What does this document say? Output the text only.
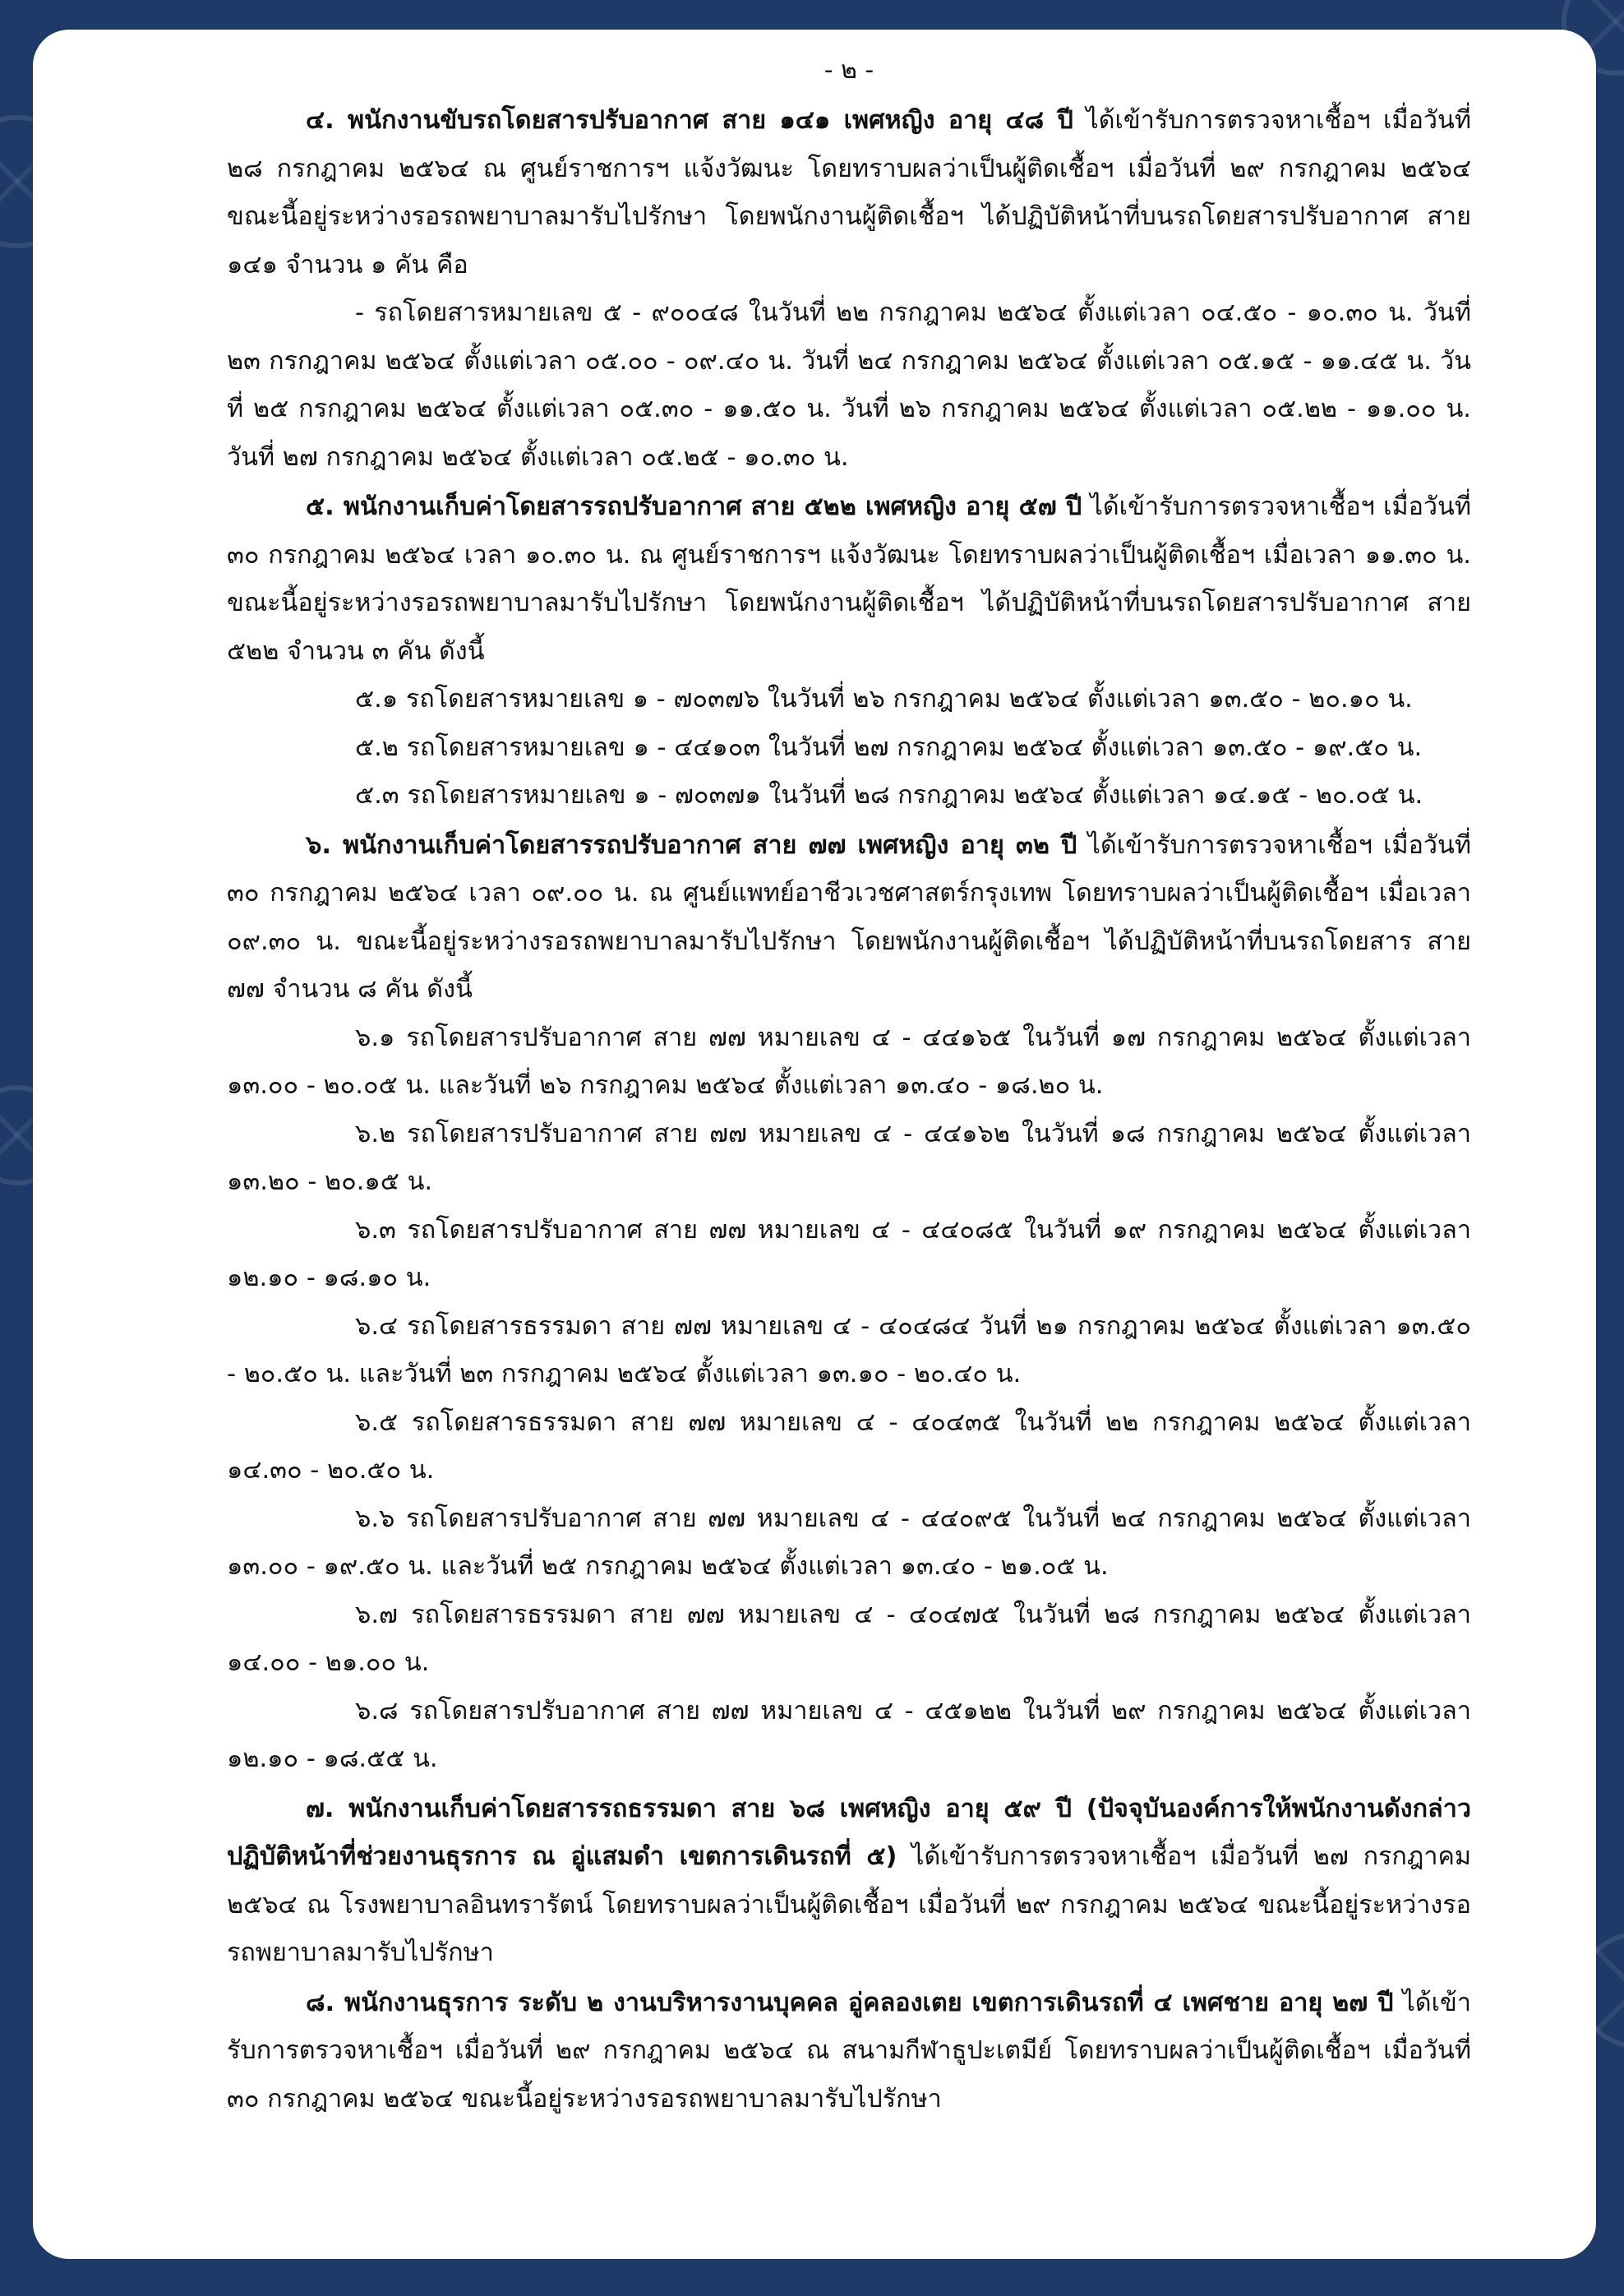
- ๒ -

๔. พนักงานขับรถโดยสารปรับอากาศ สาย ๑๔๑ เพศหญิง อายุ ๔๘ ปี ได้เข้ารับการตรวจหาเชื้อฯ เมื่อวันที่ ๒๘ กรกฎาคม ๒๕๖๔ ณ ศูนย์ราชการฯ แจ้งวัฒนะ โดยทราบผลว่าเป็นผู้ติดเชื้อฯ เมื่อวันที่ ๒๙ กรกฎาคม ๒๕๖๔ ขณะนี้อยู่ระหว่างรอรถพยาบาลมารับไปรักษา โดยพนักงานผู้ติดเชื้อฯ ได้ปฏิบัติหน้าที่บนรถโดยสารปรับอากาศ สาย ๑๔๑ จำนวน ๑ คัน คือ

- รถโดยสารหมายเลข ๕ - ๙๐๐๔๘ ในวันที่ ๒๒ กรกฎาคม ๒๕๖๔ ตั้งแต่เวลา ๐๔.๕๐ - ๑๐.๓๐ น. วันที่ ๒๓ กรกฎาคม ๒๕๖๔ ตั้งแต่เวลา ๐๕.๐๐ - ๐๙.๔๐ น. วันที่ ๒๔ กรกฎาคม ๒๕๖๔ ตั้งแต่เวลา ๐๕.๑๕ - ๑๑.๔๕ น. วันที่ ๒๕ กรกฎาคม ๒๕๖๔ ตั้งแต่เวลา ๐๕.๓๐ - ๑๑.๕๐ น. วันที่ ๒๖ กรกฎาคม ๒๕๖๔ ตั้งแต่เวลา ๐๕.๒๒ - ๑๑.๐๐ น. วันที่ ๒๗ กรกฎาคม ๒๕๖๔ ตั้งแต่เวลา ๐๕.๒๕ - ๑๐.๓๐ น.

๕. พนักงานเก็บค่าโดยสารรถปรับอากาศ สาย ๕๒๒ เพศหญิง อายุ ๕๗ ปี ได้เข้ารับการตรวจหาเชื้อฯ เมื่อวันที่ ๓๐ กรกฎาคม ๒๕๖๔ เวลา ๑๐.๓๐ น. ณ ศูนย์ราชการฯ แจ้งวัฒนะ โดยทราบผลว่าเป็นผู้ติดเชื้อฯ เมื่อเวลา ๑๑.๓๐ น. ขณะนี้อยู่ระหว่างรอรถพยาบาลมารับไปรักษา โดยพนักงานผู้ติดเชื้อฯ ได้ปฏิบัติหน้าที่บนรถโดยสารปรับอากาศ สาย ๕๒๒ จำนวน ๓ คัน ดังนี้

๕.๑ รถโดยสารหมายเลข ๑ - ๗๐๓๗๖ ในวันที่ ๒๖ กรกฎาคม ๒๕๖๔ ตั้งแต่เวลา ๑๓.๕๐ - ๒๐.๑๐ น.

๕.๒ รถโดยสารหมายเลข ๑ - ๔๔๑๐๓ ในวันที่ ๒๗ กรกฎาคม ๒๕๖๔ ตั้งแต่เวลา ๑๓.๕๐ - ๑๙.๕๐ น.

๕.๓ รถโดยสารหมายเลข ๑ - ๗๐๓๗๑ ในวันที่ ๒๘ กรกฎาคม ๒๕๖๔ ตั้งแต่เวลา ๑๔.๑๕ - ๒๐.๐๕ น.

๖. พนักงานเก็บค่าโดยสารรถปรับอากาศ สาย ๗๗ เพศหญิง อายุ ๓๒ ปี ได้เข้ารับการตรวจหาเชื้อฯ เมื่อวันที่ ๓๐ กรกฎาคม ๒๕๖๔ เวลา ๐๙.๐๐ น. ณ ศูนย์แพทย์อาชีวเวชศาสตร์กรุงเทพ โดยทราบผลว่าเป็นผู้ติดเชื้อฯ เมื่อเวลา ๐๙.๓๐ น. ขณะนี้อยู่ระหว่างรอรถพยาบาลมารับไปรักษา โดยพนักงานผู้ติดเชื้อฯ ได้ปฏิบัติหน้าที่บนรถโดยสาร สาย ๗๗ จำนวน ๘ คัน ดังนี้

๖.๑ รถโดยสารปรับอากาศ สาย ๗๗ หมายเลข ๔ - ๔๔๑๖๕ ในวันที่ ๑๗ กรกฎาคม ๒๕๖๔ ตั้งแต่เวลา ๑๓.๐๐ - ๒๐.๐๕ น. และวันที่ ๒๖ กรกฎาคม ๒๕๖๔ ตั้งแต่เวลา ๑๓.๔๐ - ๑๘.๒๐ น.

๖.๒ รถโดยสารปรับอากาศ สาย ๗๗ หมายเลข ๔ - ๔๔๑๖๒ ในวันที่ ๑๘ กรกฎาคม ๒๕๖๔ ตั้งแต่เวลา ๑๓.๒๐ - ๒๐.๑๕ น.

๖.๓ รถโดยสารปรับอากาศ สาย ๗๗ หมายเลข ๔ - ๔๔๐๘๕ ในวันที่ ๑๙ กรกฎาคม ๒๕๖๔ ตั้งแต่เวลา ๑๒.๑๐ - ๑๘.๑๐ น.

๖.๔ รถโดยสารธรรมดา สาย ๗๗ หมายเลข ๔ - ๔๐๔๘๔ วันที่ ๒๑ กรกฎาคม ๒๕๖๔ ตั้งแต่เวลา ๑๓.๕๐ - ๒๐.๕๐ น. และวันที่ ๒๓ กรกฎาคม ๒๕๖๔ ตั้งแต่เวลา ๑๓.๑๐ - ๒๐.๔๐ น.

๖.๕ รถโดยสารธรรมดา สาย ๗๗ หมายเลข ๔ - ๔๐๔๓๕ ในวันที่ ๒๒ กรกฎาคม ๒๕๖๔ ตั้งแต่เวลา ๑๔.๓๐ - ๒๐.๕๐ น.

๖.๖ รถโดยสารปรับอากาศ สาย ๗๗ หมายเลข ๔ - ๔๔๐๙๕ ในวันที่ ๒๔ กรกฎาคม ๒๕๖๔ ตั้งแต่เวลา ๑๓.๐๐ - ๑๙.๕๐ น. และวันที่ ๒๕ กรกฎาคม ๒๕๖๔ ตั้งแต่เวลา ๑๓.๔๐ - ๒๑.๐๕ น.

๖.๗ รถโดยสารธรรมดา สาย ๗๗ หมายเลข ๔ - ๔๐๔๗๕ ในวันที่ ๒๘ กรกฎาคม ๒๕๖๔ ตั้งแต่เวลา ๑๔.๐๐ - ๒๑.๐๐ น.

๖.๘ รถโดยสารปรับอากาศ สาย ๗๗ หมายเลข ๔ - ๔๕๑๒๒ ในวันที่ ๒๙ กรกฎาคม ๒๕๖๔ ตั้งแต่เวลา ๑๒.๑๐ - ๑๘.๕๕ น.

๗. พนักงานเก็บค่าโดยสารรถธรรมดา สาย ๖๘ เพศหญิง อายุ ๕๙ ปี (ปัจจุบันองค์การให้พนักงานดังกล่าว ปฏิบัติหน้าที่ช่วยงานธุรการ ณ อู่แสมดำ เขตการเดินรถที่ ๕) ได้เข้ารับการตรวจหาเชื้อฯ เมื่อวันที่ ๒๗ กรกฎาคม ๒๕๖๔ ณ โรงพยาบาลอินทรารัตน์ โดยทราบผลว่าเป็นผู้ติดเชื้อฯ เมื่อวันที่ ๒๙ กรกฎาคม ๒๕๖๔ ขณะนี้อยู่ระหว่างรอรถพยาบาลมารับไปรักษา

๘. พนักงานธุรการ ระดับ ๒ งานบริหารงานบุคคล อู่คลองเตย เขตการเดินรถที่ ๔ เพศชาย อายุ ๒๗ ปี ได้เข้ารับการตรวจหาเชื้อฯ เมื่อวันที่ ๒๙ กรกฎาคม ๒๕๖๔ ณ สนามกีฬาธูปะเตมีย์ โดยทราบผลว่าเป็นผู้ติดเชื้อฯ เมื่อวันที่ ๓๐ กรกฎาคม ๒๕๖๔ ขณะนี้อยู่ระหว่างรอรถพยาบาลมารับไปรักษา
